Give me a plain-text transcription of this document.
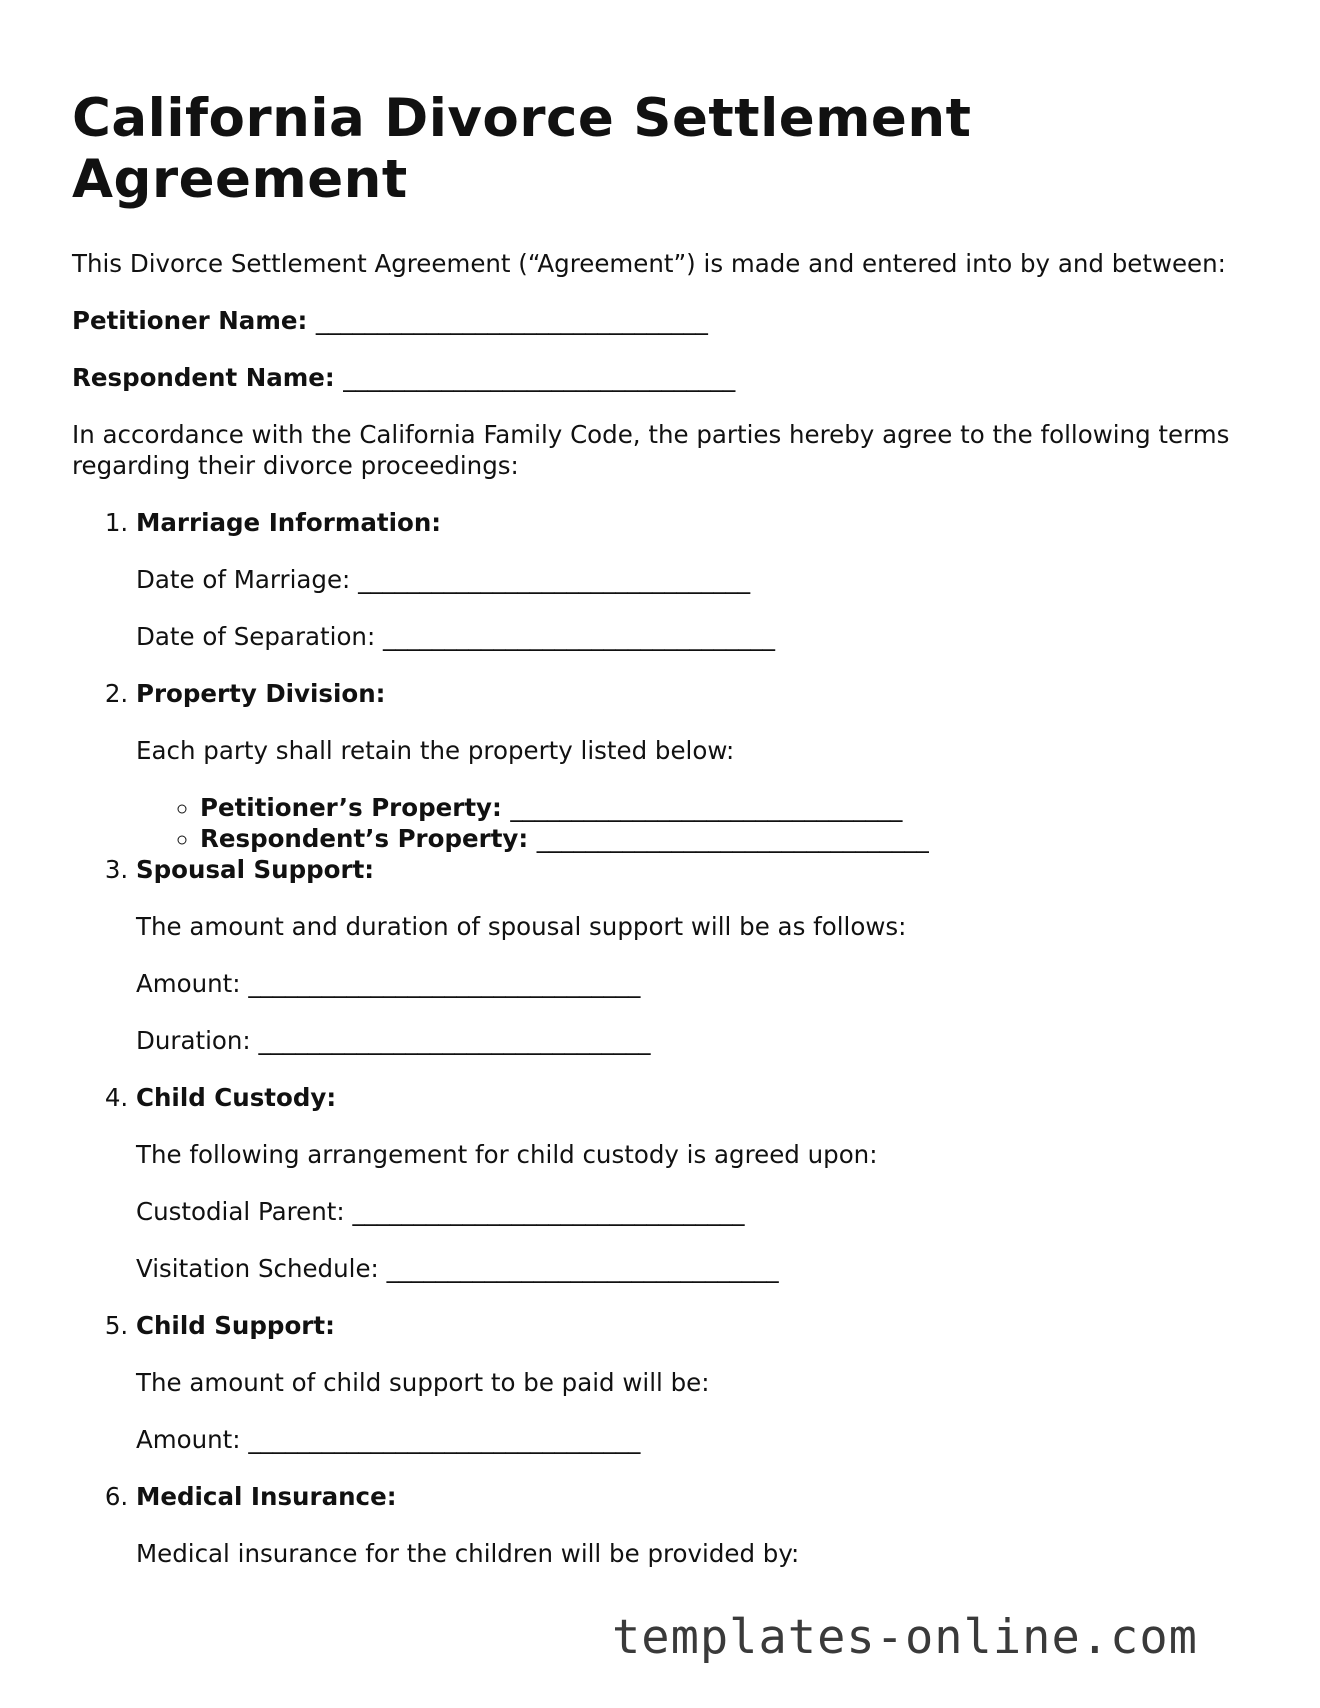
California Divorce Settlement Agreement

This Divorce Settlement Agreement (“Agreement”) is made and entered into by and between:

Petitioner Name: ________________________________

Respondent Name: ________________________________

In accordance with the California Family Code, the parties hereby agree to the following terms regarding their divorce proceedings:

1. Marriage Information:

Date of Marriage: ________________________________

Date of Separation: ________________________________

2. Property Division:

Each party shall retain the property listed below:

◦ Petitioner’s Property: ________________________________
◦ Respondent’s Property: ________________________________

3. Spousal Support:

The amount and duration of spousal support will be as follows:

Amount: ________________________________

Duration: ________________________________

4. Child Custody:

The following arrangement for child custody is agreed upon:

Custodial Parent: ________________________________

Visitation Schedule: ________________________________

5. Child Support:

The amount of child support to be paid will be:

Amount: ________________________________

6. Medical Insurance:

Medical insurance for the children will be provided by:

templates-online.com
